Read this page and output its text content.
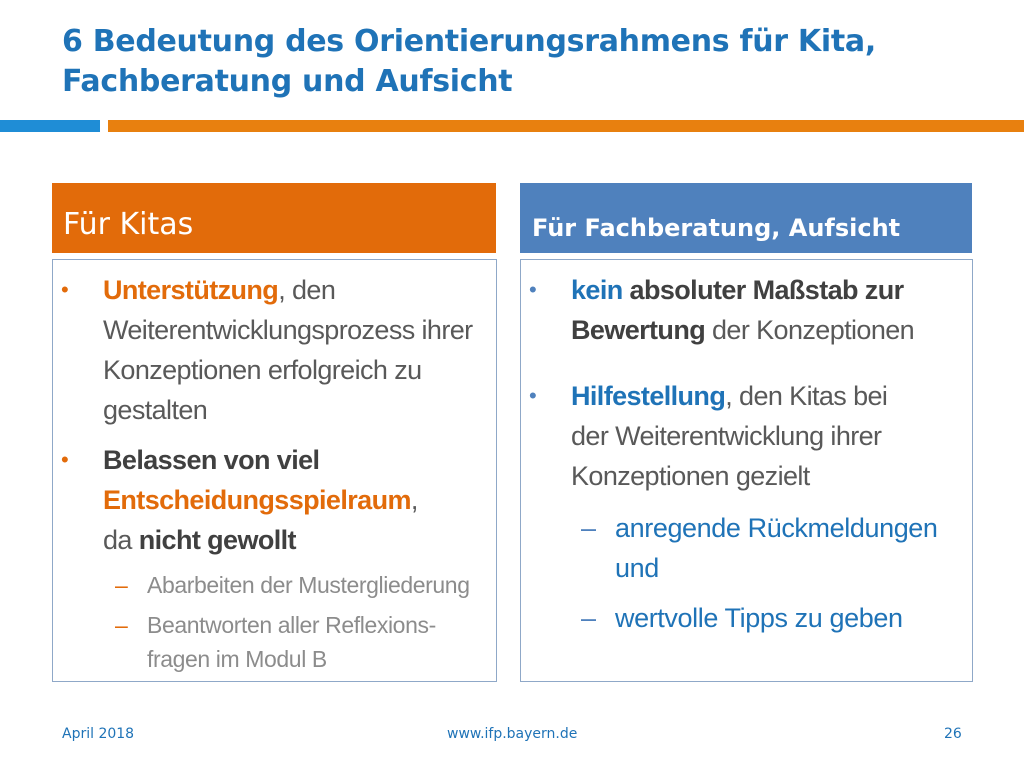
6 Bedeutung des Orientierungsrahmens für Kita,
Fachberatung und Aufsicht
Für Kitas	Für Fachberatung, Aufsicht
• Unterstützung, den Weiterentwicklungsprozess ihrer Konzeptionen erfolgreich zu gestalten
• Belassen von viel
Entscheidungsspielraum,
da nicht gewollt
– Abarbeiten der Mustergliederung
– Beantworten aller Reflexions-
fragen im Modul B
• kein absoluter Maßstab zur
Bewertung der Konzeptionen
• Hilfestellung, den Kitas bei
der Weiterentwicklung ihrer
Konzeptionen gezielt
– anregende Rückmeldungen
und
– wertvolle Tipps zu geben
April 2018	www.ifp.bayern.de	26
